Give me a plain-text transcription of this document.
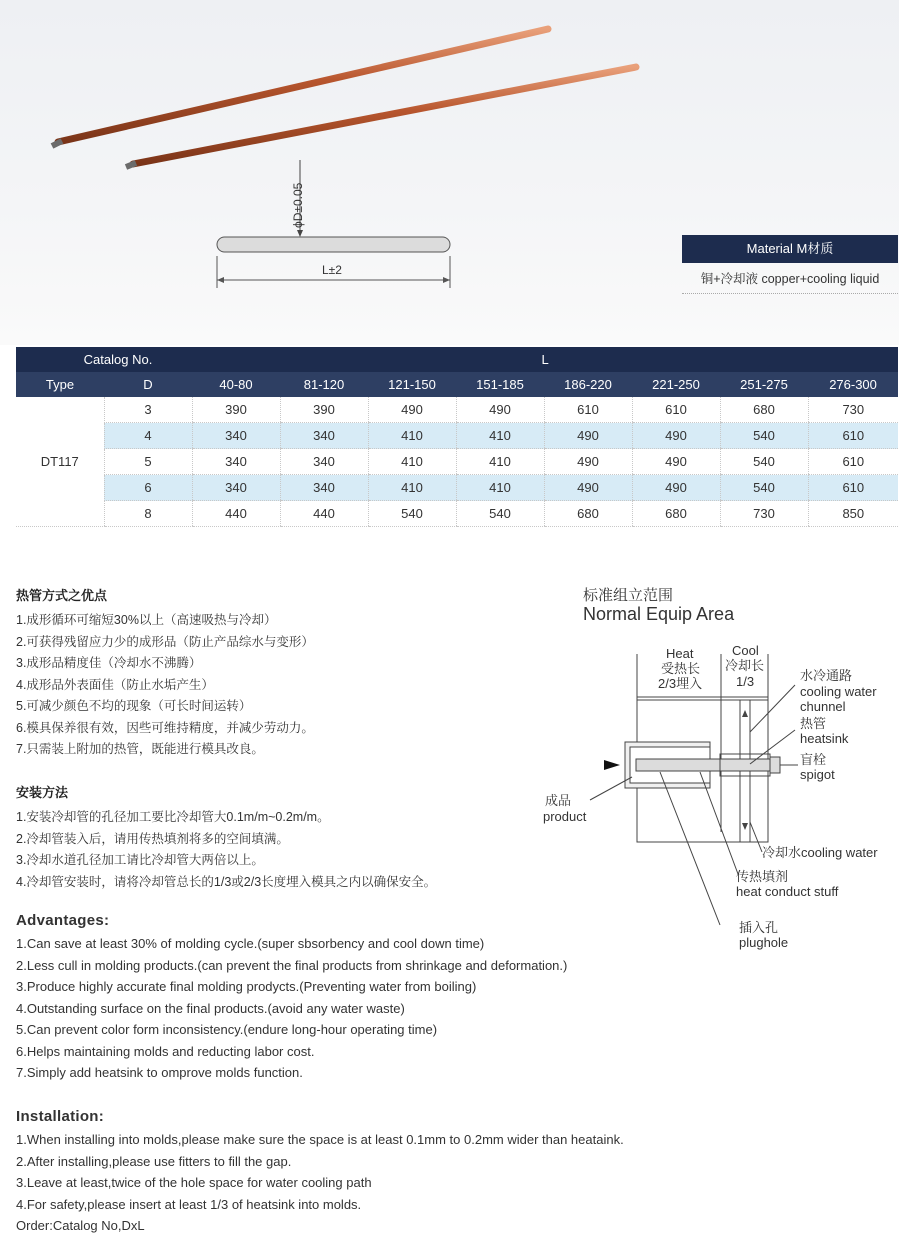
ϕD±0.05
L±2
Material M材质
铜+冷却液 copper+cooling liquid
Catalog No.		L							
Type	D	40-80	81-120	121-150	151-185	186-220	221-250	251-275	276-300
DT117	3	390	390	490	490	610	610	680	730
	4	340	340	410	410	490	490	540	610
	5	340	340	410	410	490	490	540	610
	6	340	340	410	410	490	490	540	610
	8	440	440	540	540	680	680	730	850
热管方式之优点
1.成形循环可缩短30%以上（高速吸热与冷却）
2.可获得残留应力少的成形品（防止产品综水与变形）
3.成形品精度佳（冷却水不沸腾）
4.成形品外表面佳（防止水垢产生）
5.可减少颜色不均的现象（可长时间运转）
6.模具保养很有效，因些可维持精度，并减少劳动力。
7.只需装上附加的热管，既能进行模具改良。
安装方法
1.安装冷却管的孔径加工要比冷却管大0.1m/m~0.2m/m。
2.冷却管装入后，请用传热填剂将多的空间填满。
3.冷却水道孔径加工请比冷却管大两倍以上。
4.冷却管安装时，请将冷却管总长的1/3或2/3长度埋入模具之内以确保安全。
标准组立范围
Normal Equip Area
Heat
受热长
2/3埋入
Cool
冷却长
1/3	水冷通路
cooling water
chunnel
热管
heatsink
盲栓
spigot
成品
product
冷却水cooling water
传热填剂
heat conduct stuff
插入孔
plughole
Advantages:
1.Can save at least 30% of molding cycle.(super sbsorbency and cool down time)
2.Less cull in molding products.(can prevent the final products from shrinkage and deformation.)
3.Produce highly accurate final molding prodycts.(Preventing water from boiling)
4.Outstanding surface on the final products.(avoid any water waste)
5.Can prevent color form inconsistency.(endure long-hour operating time)
6.Helps maintaining molds and reducting labor cost.
7.Simply add heatsink to omprove molds function.
Installation:
1.When installing into molds,please make sure the space is at least 0.1mm to 0.2mm wider than heataink.
2.After installing,please use fitters to fill the gap.
3.Leave at least,twice of the hole space for water cooling path
4.For safety,please insert at least 1/3 of heatsink into molds.
Order:Catalog No,DxL
